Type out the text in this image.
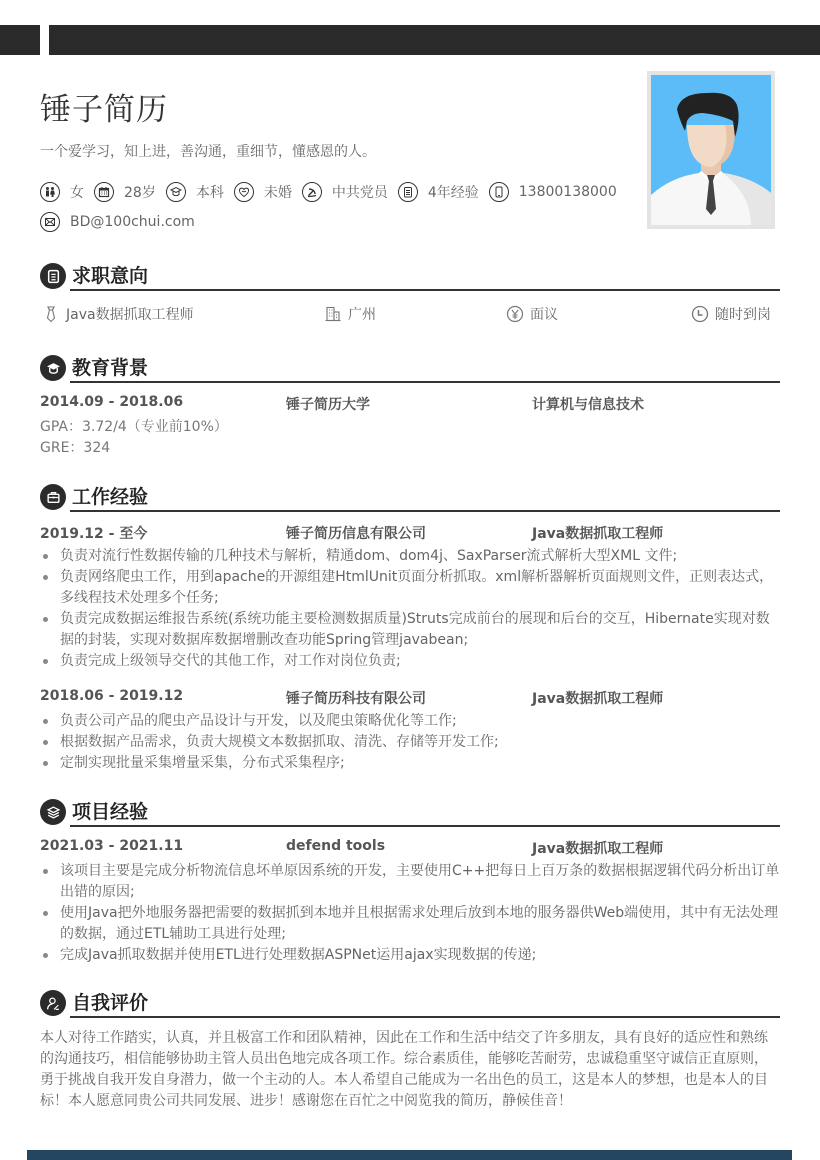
锤子简历
一个爱学习，知上进，善沟通，重细节，懂感恩的人。
女	28岁	本科	未婚	中共党员	4年经验	13800138000
BD@100chui.com
求职意向
Java数据抓取工程师	广州	面议	随时到岗
教育背景
2014.09 - 2018.06	锤子简历大学	计算机与信息技术
GPA：3.72/4（专业前10%）
GRE：324
工作经验
2019.12 - 至今	锤子简历信息有限公司	Java数据抓取工程师
负责对流行性数据传输的几种技术与解析，精通dom、dom4j、SaxParser流式解析大型XML 文件;
负责网络爬虫工作，用到apache的开源组建HtmlUnit页面分析抓取。xml解析器解析页面规则文件，正则表达式，多线程技术处理多个任务;
负责完成数据运维报告系统(系统功能主要检测数据质量)Struts完成前台的展现和后台的交互，Hibernate实现对数据的封装，实现对数据库数据增删改查功能Spring管理javabean;
负责完成上级领导交代的其他工作，对工作对岗位负责;
2018.06 - 2019.12	锤子简历科技有限公司	Java数据抓取工程师
负责公司产品的爬虫产品设计与开发，以及爬虫策略优化等工作;
根据数据产品需求，负责大规模文本数据抓取、清洗、存储等开发工作;
定制实现批量采集增量采集，分布式采集程序;
项目经验
2021.03 - 2021.11	defend tools	Java数据抓取工程师
该项目主要是完成分析物流信息坏单原因系统的开发，主要使用C++把每日上百万条的数据根据逻辑代码分析出订单出错的原因;
使用Java把外地服务器把需要的数据抓到本地并且根据需求处理后放到本地的服务器供Web端使用，其中有无法处理的数据，通过ETL辅助工具进行处理;
完成Java抓取数据并使用ETL进行处理数据ASPNet运用ajax实现数据的传递;
自我评价
本人对待工作踏实，认真，并且极富工作和团队精神，因此在工作和生活中结交了许多朋友，具有良好的适应性和熟练的沟通技巧，相信能够协助主管人员出色地完成各项工作。综合素质佳，能够吃苦耐劳，忠诚稳重坚守诚信正直原则，勇于挑战自我开发自身潜力，做一个主动的人。本人希望自己能成为一名出色的员工，这是本人的梦想，也是本人的目标！本人愿意同贵公司共同发展、进步！感谢您在百忙之中阅览我的简历，静候佳音！
